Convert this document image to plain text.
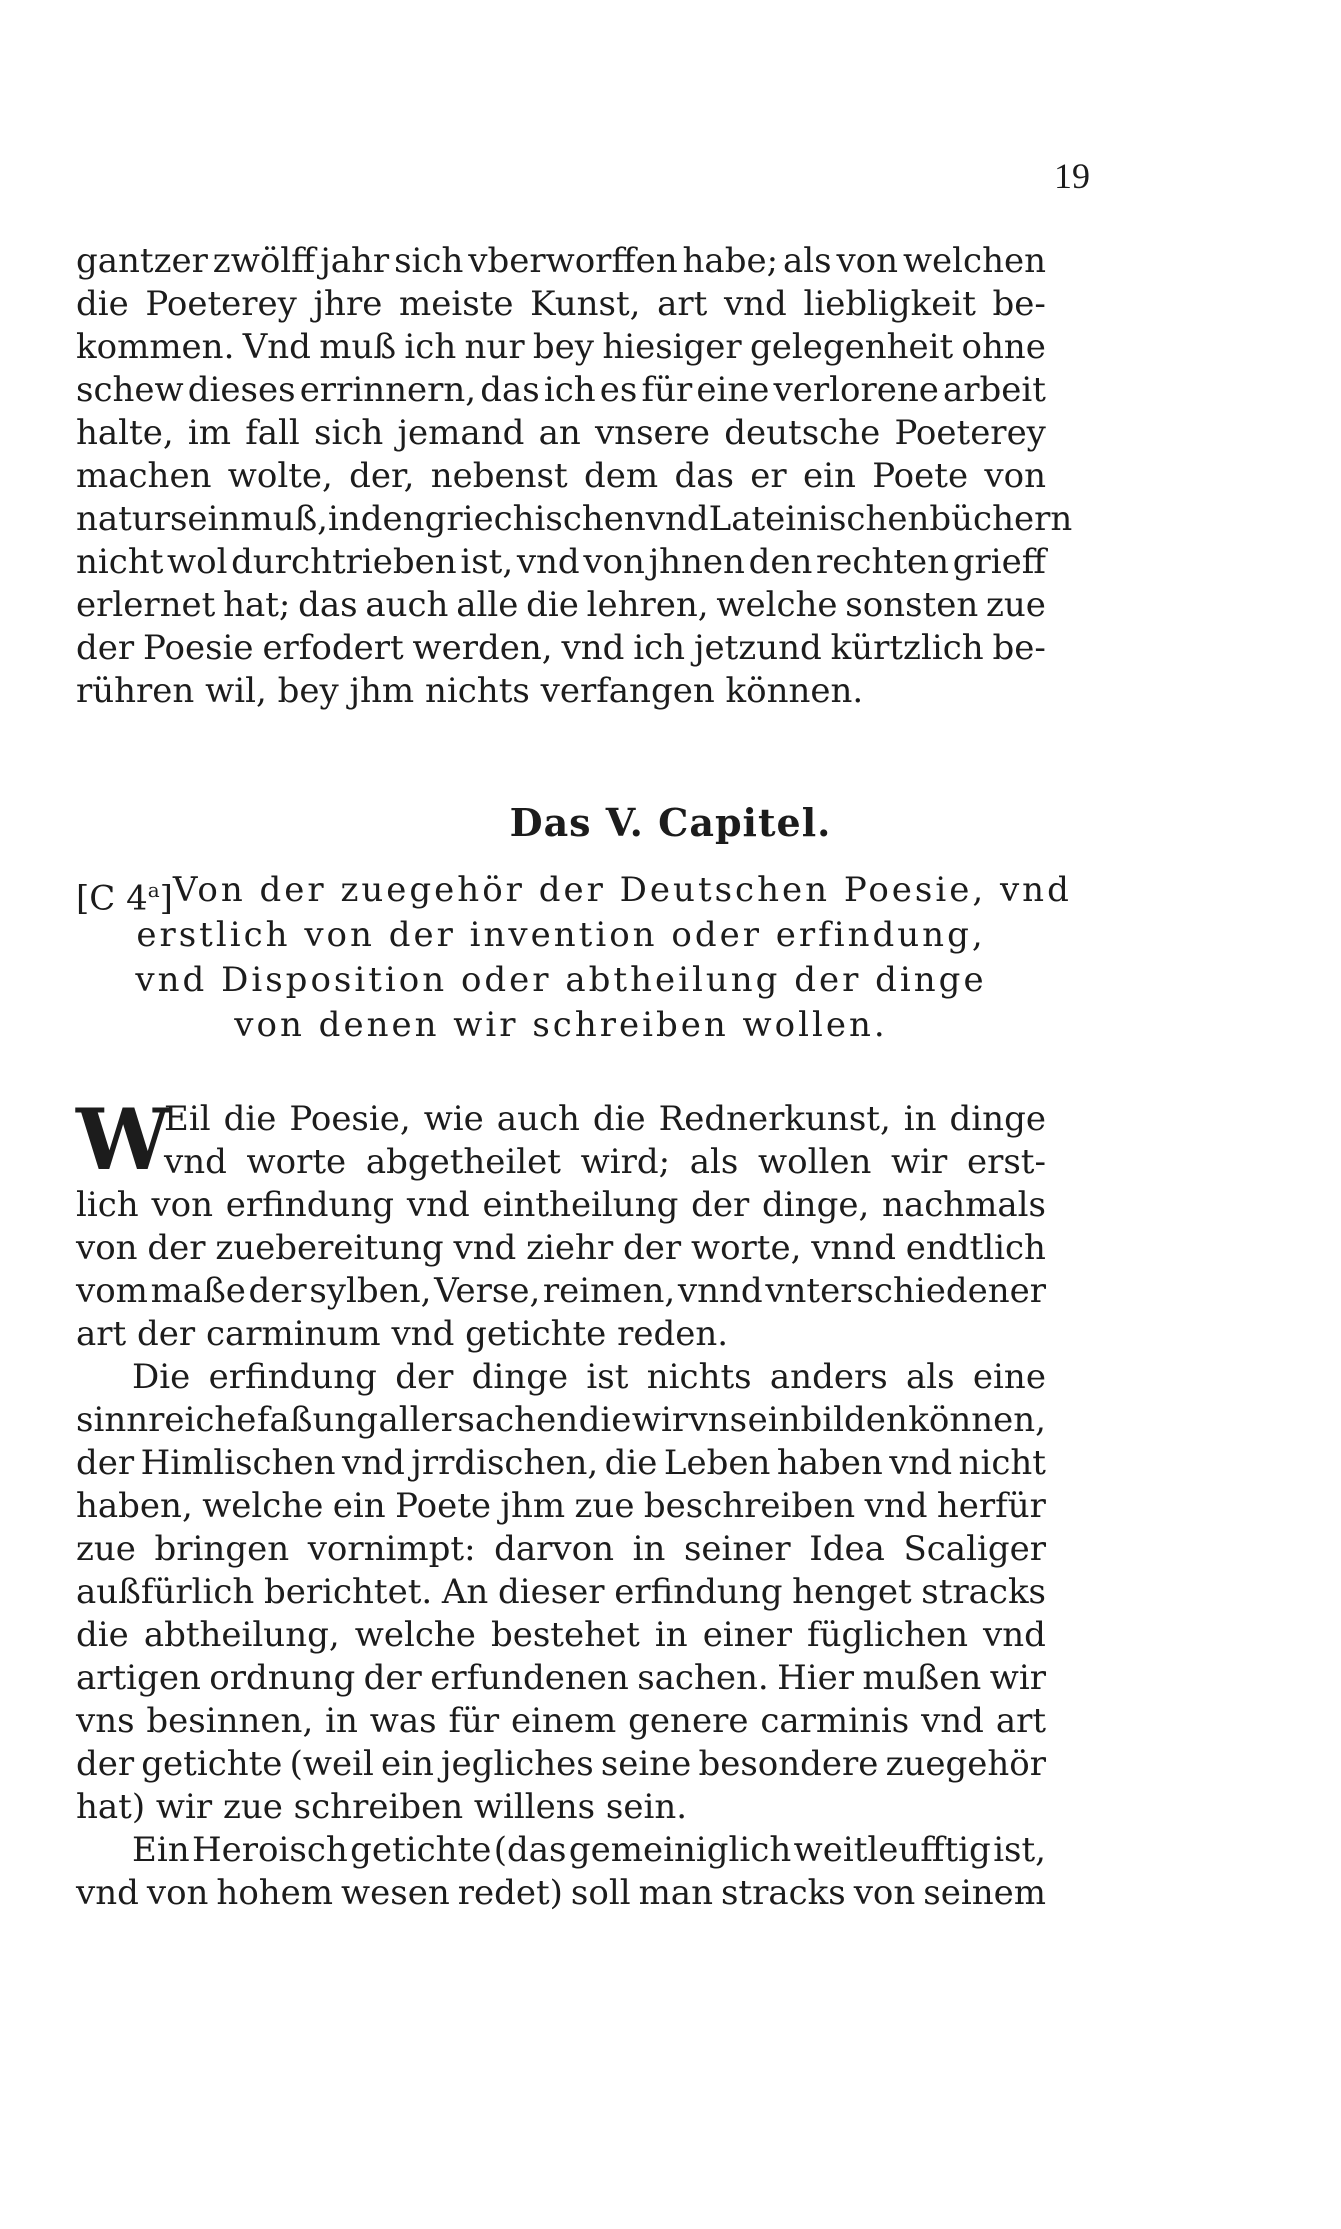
19
gantzer zwölff jahr sich vberworffen habe; als von welchen
die Poeterey jhre meiste Kunst, art vnd liebligkeit be-
kommen. Vnd muß ich nur bey hiesiger gelegenheit ohne
schew dieses errinnern, das ich es für eine verlorene arbeit
halte, im fall sich jemand an vnsere deutsche Poeterey
machen wolte, der, nebenst dem das er ein Poete von
natur sein muß, in den griechischen vnd Lateinischen büchern
nicht wol durchtrieben ist, vnd von jhnen den rechten grieff
erlernet hat; das auch alle die lehren, welche sonsten zue
der Poesie erfodert werden, vnd ich jetzund kürtzlich be-
rühren wil, bey jhm nichts verfangen können.
Das V. Capitel.
[C 4$^a$] Von der zuegehör der Deutschen Poesie, vnd
erstlich von der invention oder erfindung,
vnd Disposition oder abtheilung der dinge
von denen wir schreiben wollen.
W
Eil die Poesie, wie auch die Rednerkunst, in dinge
vnd worte abgetheilet wird; als wollen wir erst-
lich von erfindung vnd eintheilung der dinge, nachmals
von der zuebereitung vnd ziehr der worte, vnnd endtlich
vom maße der sylben, Verse, reimen, vnnd vnterschiedener
art der carminum vnd getichte reden.
Die erfindung der dinge ist nichts anders als eine
sinnreiche faßung aller sachen die wir vns einbilden können,
der Himlischen vnd jrrdischen, die Leben haben vnd nicht
haben, welche ein Poete jhm zue beschreiben vnd herfür
zue bringen vornimpt: darvon in seiner Idea Scaliger
außfürlich berichtet. An dieser erfindung henget stracks
die abtheilung, welche bestehet in einer füglichen vnd
artigen ordnung der erfundenen sachen. Hier mußen wir
vns besinnen, in was für einem genere carminis vnd art
der getichte (weil ein jegliches seine besondere zuegehör
hat) wir zue schreiben willens sein.
Ein Heroisch getichte (das gemeiniglich weitleufftig ist,
vnd von hohem wesen redet) soll man stracks von seinem
